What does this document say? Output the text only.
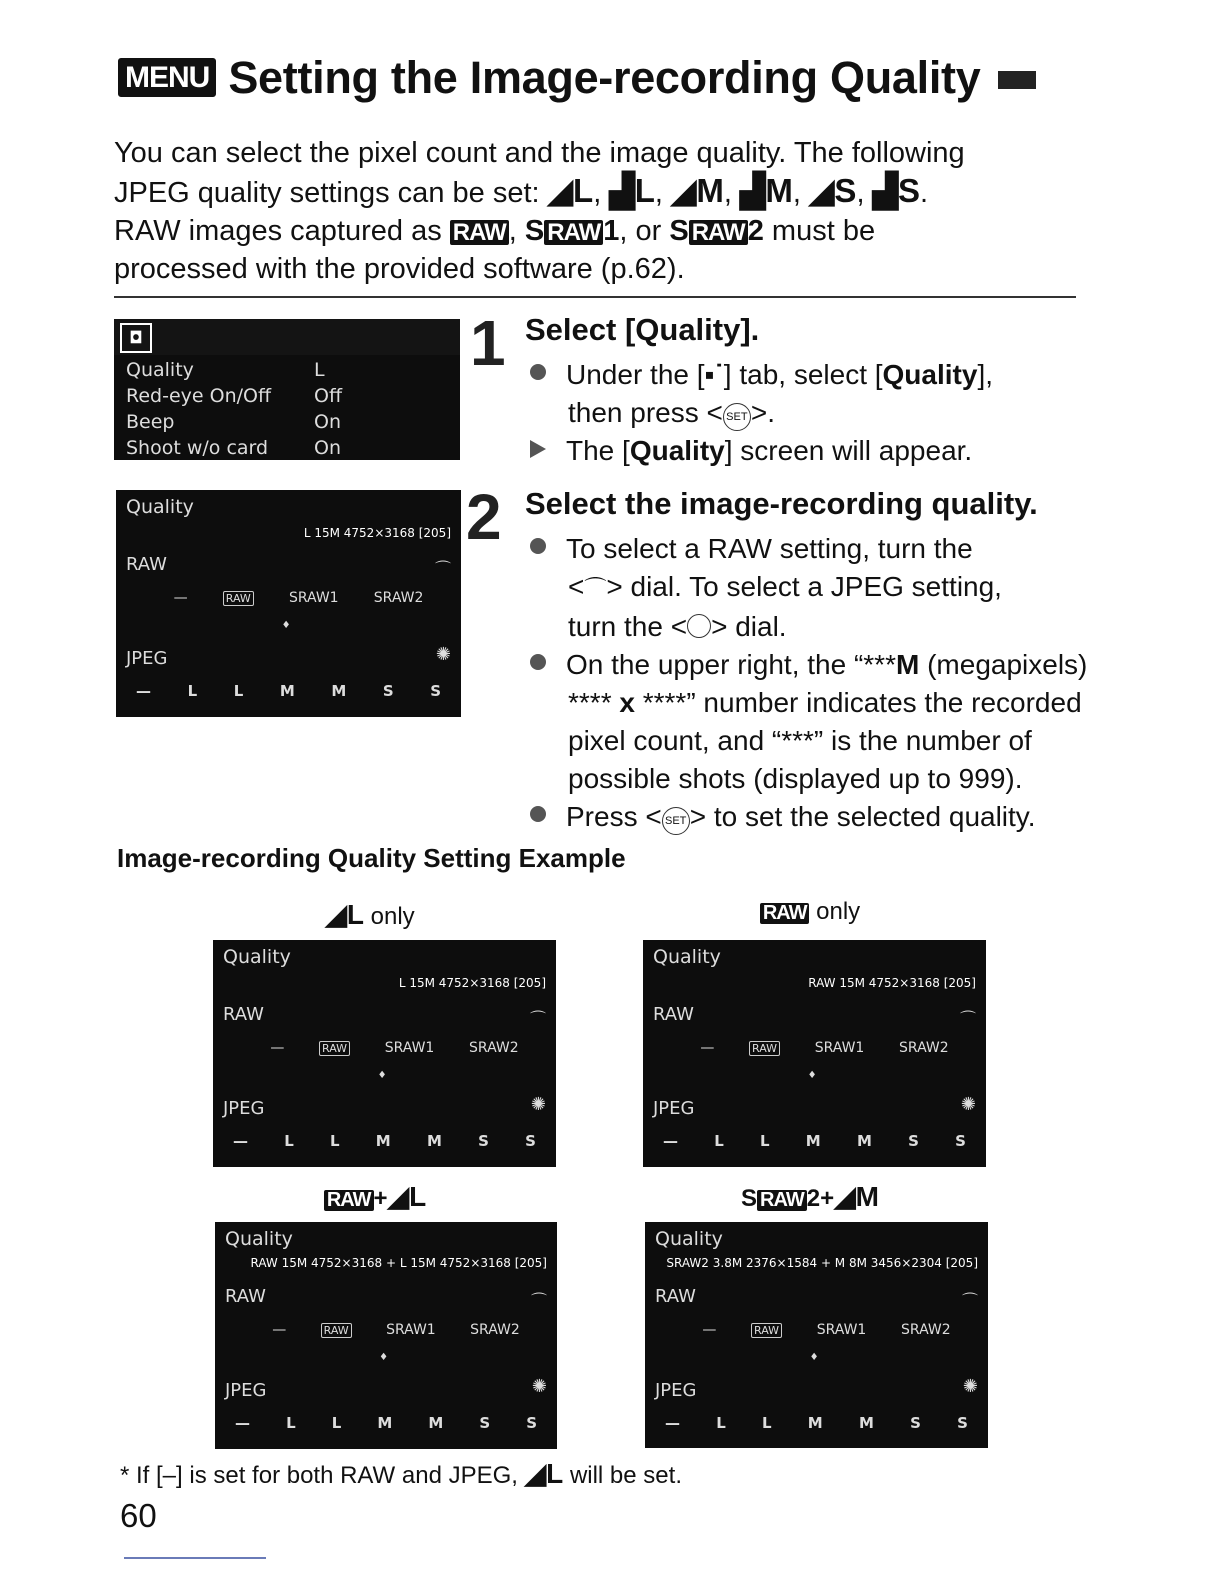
MENU Setting the Image-recording Quality
You can select the pixel count and the image quality. The following
JPEG quality settings can be set: ◢L, ▟L, ◢M, ▟M, ◢S, ▟S.
RAW images captured as RAW , S RAW 1, or S RAW 2 must be
processed with the provided software (p.62).
◘
Quality	L
Red-eye On/Off Off
Beep	On
Shoot w/o card On
Quality
L 15M 4752×3168 [205]
RAW	⌒
—	RAW	SRAW1	SRAW2
♦
JPEG	✺
— L L M M S S
1 Select [Quality].
Under the [▪˙] tab, select [Quality],
then press < SET >.
The [Quality] screen will appear.
2 Select the image-recording quality.
To select a RAW setting, turn the
<⌒> dial. To select a JPEG setting,
turn the < > dial.
On the upper right, the “***M (megapixels)
**** x ****” number indicates the recorded
pixel count, and “***” is the number of
possible shots (displayed up to 999).
Press < SET > to set the selected quality.
Image-recording Quality Setting Example
◢L only	RAW only
RAW +◢L	S RAW 2+◢M
Quality
L 15M 4752×3168 [205]
RAW	⌒
—	RAW	SRAW1 SRAW2
♦
JPEG	✺
— L L M M S S
Quality
RAW 15M 4752×3168 [205]
RAW	⌒
—	RAW	SRAW1 SRAW2
♦
JPEG	✺
— L L M M S S
Quality
RAW 15M 4752×3168 + L 15M 4752×3168 [205]
RAW	⌒
—	RAW	SRAW1 SRAW2
♦
JPEG	✺
— L L M M S S
Quality
SRAW2 3.8M 2376×1584 + M 8M 3456×2304 [205]
RAW	⌒
—	RAW	SRAW1 SRAW2
♦
JPEG	✺
— L L M M S S
* If [–] is set for both RAW and JPEG, ◢L will be set.
60
